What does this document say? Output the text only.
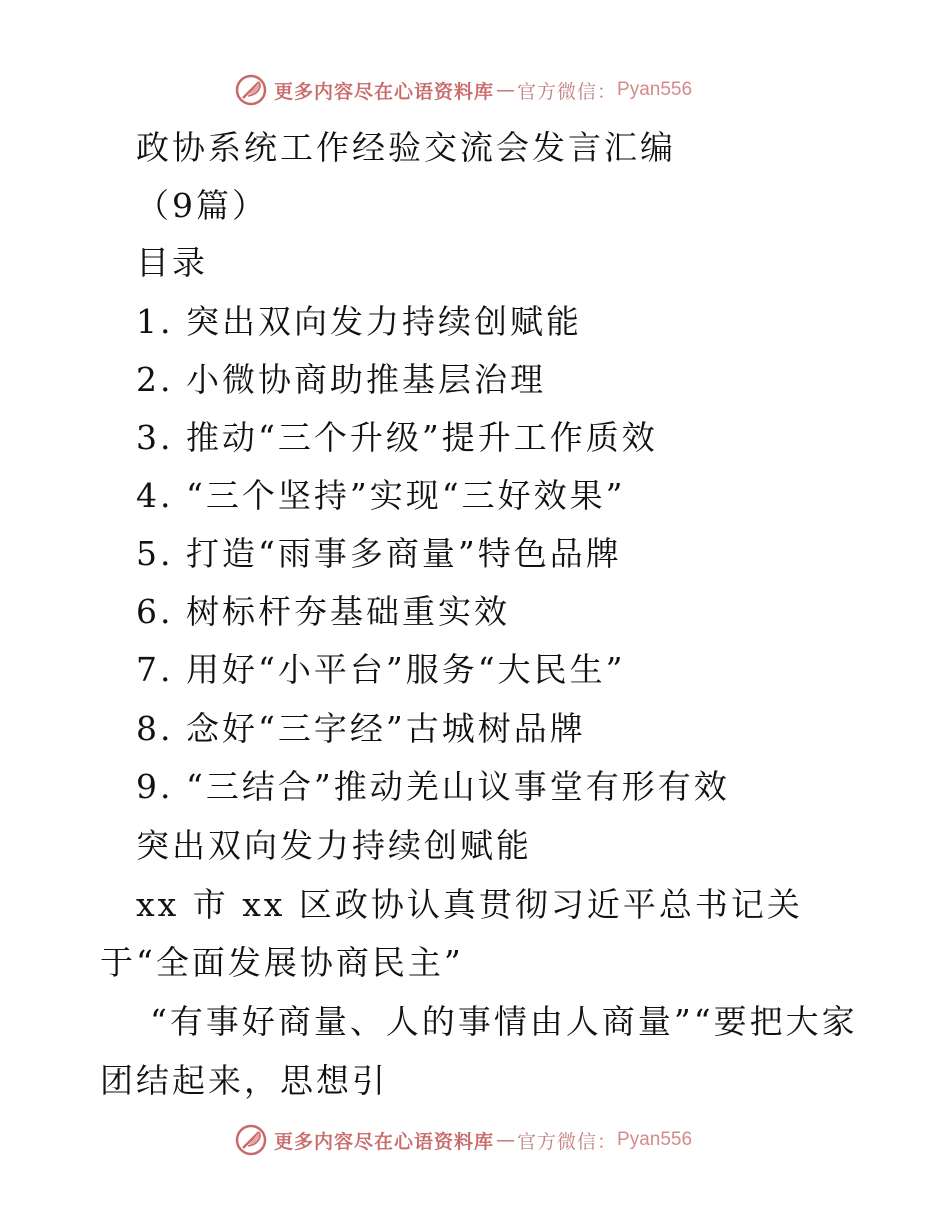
更多内容尽在心语资料库 — 官方微信： Pyan556
政协系统工作经验交流会发言汇编
（9篇）
目录
1. 突出双向发力持续创赋能
2. 小微协商助推基层治理
3. 推动“三个升级”提升工作质效
4. “三个坚持”实现“三好效果”
5. 打造“雨事多商量”特色品牌
6. 树标杆夯基础重实效
7. 用好“小平台”服务“大民生”
8. 念好“三字经”古城树品牌
9. “三结合”推动羌山议事堂有形有效
突出双向发力持续创赋能
xx 市 xx 区政协认真贯彻习近平总书记关
于“全面发展协商民主”
“有事好商量、人的事情由人商量”“要把大家
团结起来，思想引
更多内容尽在心语资料库 — 官方微信： Pyan556
